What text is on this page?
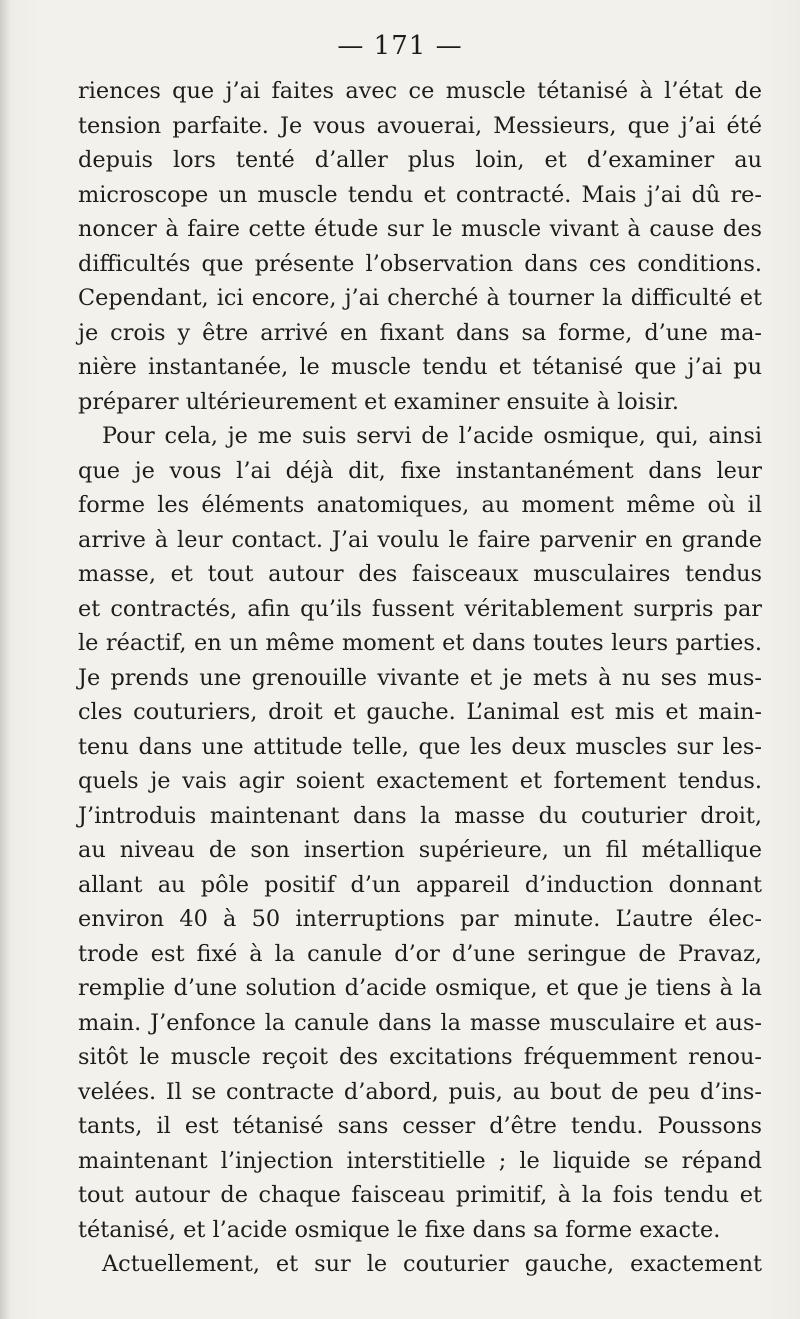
— 171 —
riences que j’ai faites avec ce muscle tétanisé à l’état de
tension parfaite. Je vous avouerai, Messieurs, que j’ai été
depuis lors tenté d’aller plus loin, et d’examiner au
microscope un muscle tendu et contracté. Mais j’ai dû re-
noncer à faire cette étude sur le muscle vivant à cause des
difficultés que présente l’observation dans ces conditions.
Cependant, ici encore, j’ai cherché à tourner la difficulté et
je crois y être arrivé en fixant dans sa forme, d’une ma-
nière instantanée, le muscle tendu et tétanisé que j’ai pu
préparer ultérieurement et examiner ensuite à loisir.
Pour cela, je me suis servi de l’acide osmique, qui, ainsi
que je vous l’ai déjà dit, fixe instantanément dans leur
forme les éléments anatomiques, au moment même où il
arrive à leur contact. J’ai voulu le faire parvenir en grande
masse, et tout autour des faisceaux musculaires tendus
et contractés, afin qu’ils fussent véritablement surpris par
le réactif, en un même moment et dans toutes leurs parties.
Je prends une grenouille vivante et je mets à nu ses mus-
cles couturiers, droit et gauche. L’animal est mis et main-
tenu dans une attitude telle, que les deux muscles sur les-
quels je vais agir soient exactement et fortement tendus.
J’introduis maintenant dans la masse du couturier droit,
au niveau de son insertion supérieure, un fil métallique
allant au pôle positif d’un appareil d’induction donnant
environ 40 à 50 interruptions par minute. L’autre élec-
trode est fixé à la canule d’or d’une seringue de Pravaz,
remplie d’une solution d’acide osmique, et que je tiens à la
main. J’enfonce la canule dans la masse musculaire et aus-
sitôt le muscle reçoit des excitations fréquemment renou-
velées. Il se contracte d’abord, puis, au bout de peu d’ins-
tants, il est tétanisé sans cesser d’être tendu. Poussons
maintenant l’injection interstitielle ; le liquide se répand
tout autour de chaque faisceau primitif, à la fois tendu et
tétanisé, et l’acide osmique le fixe dans sa forme exacte.
Actuellement, et sur le couturier gauche, exactement
